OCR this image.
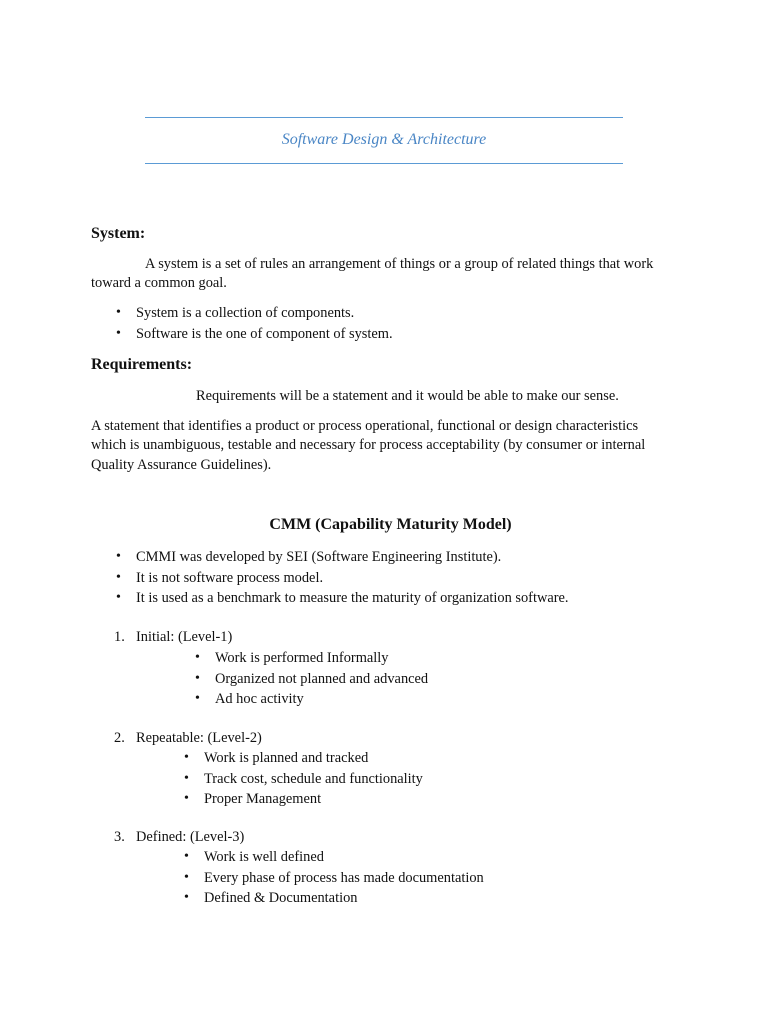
Software Design & Architecture
System:

A system is a set of rules an arrangement of things or a group of related things that work

toward a common goal.

• System is a collection of components.
• Software is the one of component of system.
Requirements:

Requirements will be a statement and it would be able to make our sense.

A statement that identifies a product or process operational, functional or design characteristics

which is unambiguous, testable and necessary for process acceptability (by consumer or internal

Quality Assurance Guidelines).

CMM (Capability Maturity Model)
• CMMI was developed by SEI (Software Engineering Institute).
• It is not software process model.
• It is used as a benchmark to measure the maturity of organization software.
1. Initial: (Level-1)
• Work is performed Informally
• Organized not planned and advanced
• Ad hoc activity
2. Repeatable: (Level-2)
• Work is planned and tracked
• Track cost, schedule and functionality
• Proper Management
3. Defined: (Level-3)
• Work is well defined
• Every phase of process has made documentation
• Defined & Documentation
